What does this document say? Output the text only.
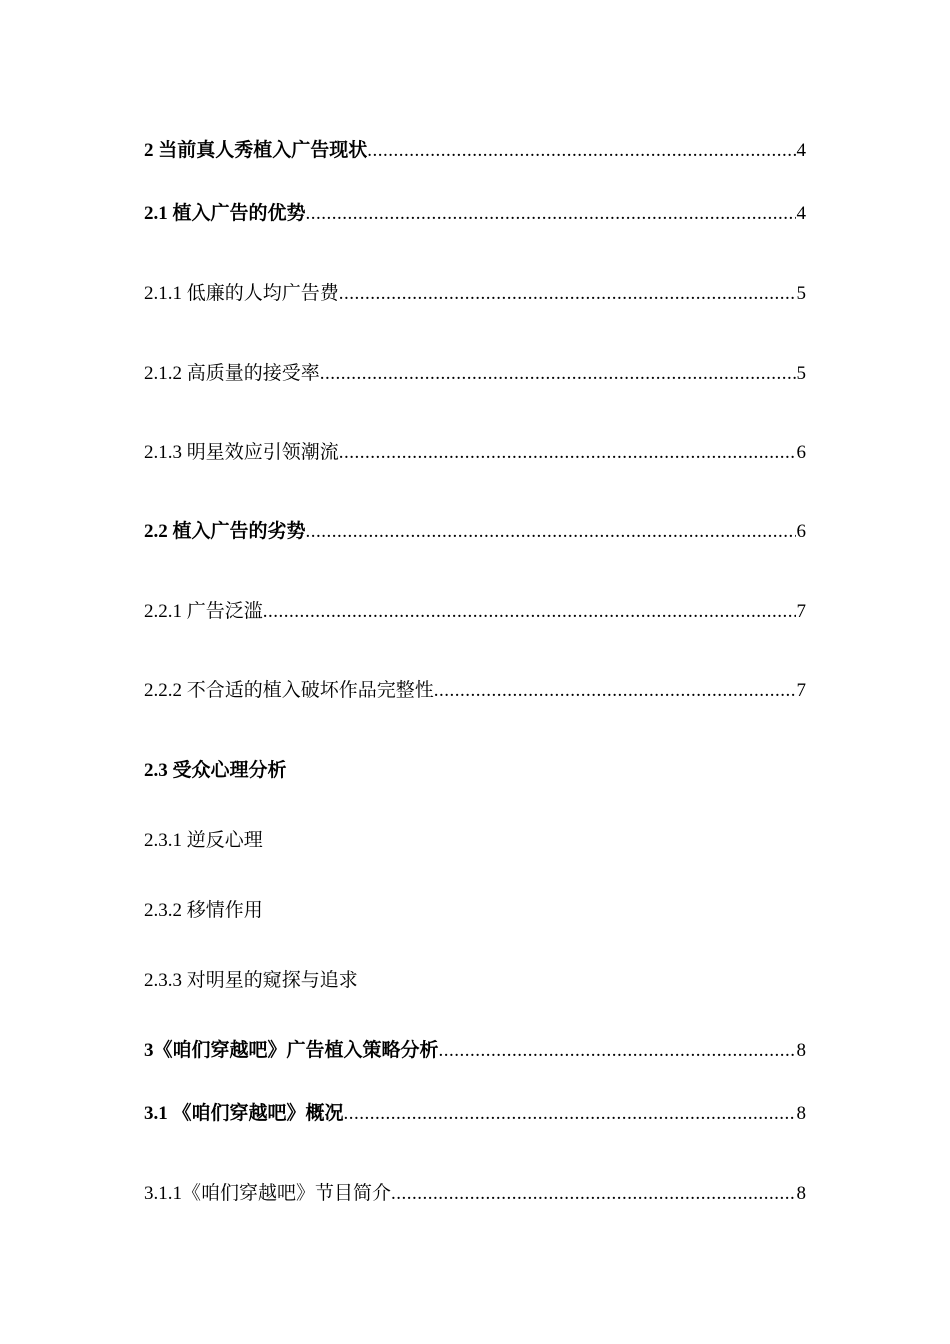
2 当前真人秀植入广告现状 .....	4
2.1 植入广告的优势 .....	4
2.1.1 低廉的人均广告费 .....	5
2.1.2 高质量的接受率 .....	5
2.1.3 明星效应引领潮流 .....	6
2.2 植入广告的劣势 .....	6
2.2.1 广告泛滥 .....	7
2.2.2 不合适的植入破坏作品完整性 .....	7
2.3 受众心理分析
2.3.1 逆反心理
2.3.2 移情作用
2.3.3 对明星的窥探与追求
3《咱们穿越吧》广告植入策略分析 .....	8
3.1 《咱们穿越吧》概况 .....	8
3.1.1《咱们穿越吧》节目简介 .....	8
